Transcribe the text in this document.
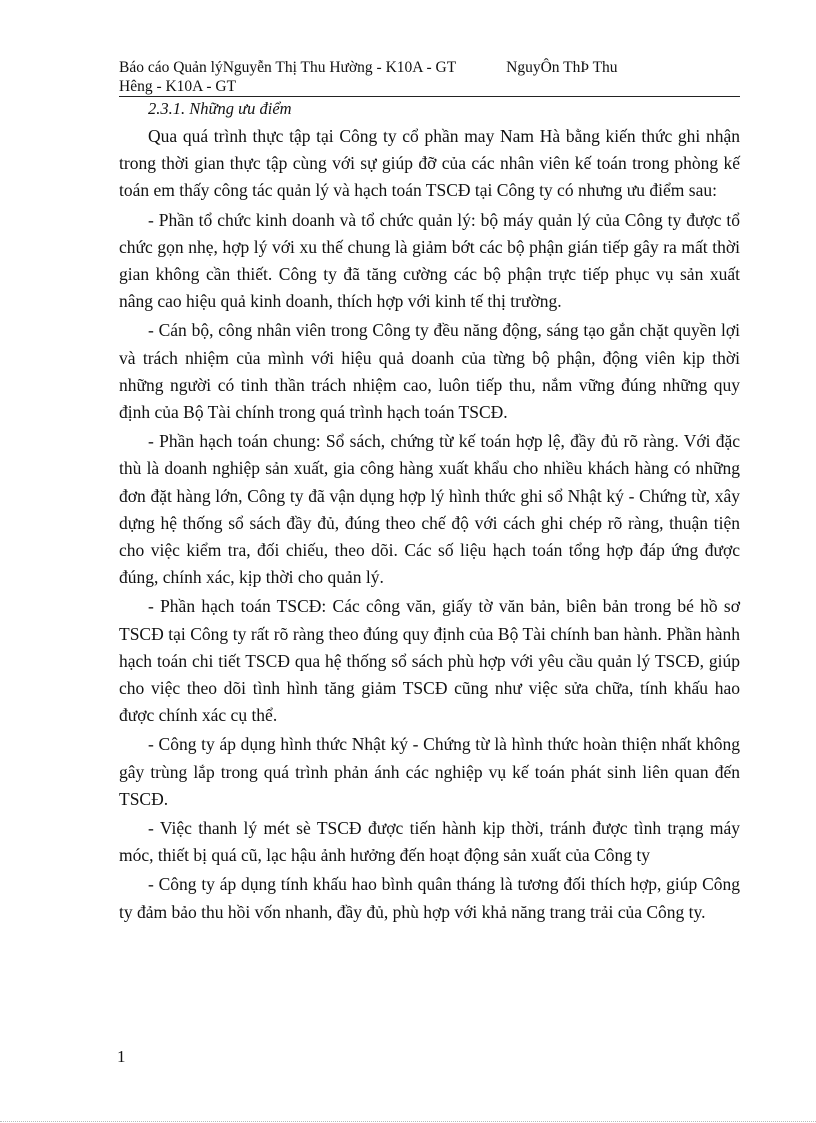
Báo cáo Quản lýNguyễn Thị Thu Hường - K10A - GT	NguyÔn ThÞ Thu
Hêng - K10A - GT
2.3.1. Những ưu điểm

Qua quá trình thực tập tại Công ty cổ phần may Nam Hà bằng kiến thức ghi nhận trong thời gian thực tập cùng với sự giúp đỡ của các nhân viên kế toán trong phòng kế toán em thấy công tác quản lý và hạch toán TSCĐ tại Công ty có nhưng ưu điểm sau:

- Phần tổ chức kinh doanh và tổ chức quản lý: bộ máy quản lý của Công ty được tổ chức gọn nhẹ, hợp lý với xu thế chung là giảm bớt các bộ phận gián tiếp gây ra mất thời gian không cần thiết. Công ty đã tăng cường các bộ phận trực tiếp phục vụ sản xuất nâng cao hiệu quả kinh doanh, thích hợp với kinh tế thị trường.

- Cán bộ, công nhân viên trong Công ty đều năng động, sáng tạo gắn chặt quyền lợi và trách nhiệm của mình với hiệu quả doanh của từng bộ phận, động viên kịp thời những người có tinh thần trách nhiệm cao, luôn tiếp thu, nắm vững đúng những quy định của Bộ Tài chính trong quá trình hạch toán TSCĐ.

- Phần hạch toán chung: Sổ sách, chứng từ kế toán hợp lệ, đầy đủ rõ ràng. Với đặc thù là doanh nghiệp sản xuất, gia công hàng xuất khẩu cho nhiều khách hàng có những đơn đặt hàng lớn, Công ty đã vận dụng hợp lý hình thức ghi sổ Nhật ký - Chứng từ, xây dựng hệ thống sổ sách đầy đủ, đúng theo chế độ với cách ghi chép rõ ràng, thuận tiện cho việc kiểm tra, đối chiếu, theo dõi. Các số liệu hạch toán tổng hợp đáp ứng được đúng, chính xác, kịp thời cho quản lý.

- Phần hạch toán TSCĐ: Các công văn, giấy tờ văn bản, biên bản trong bé hồ sơ TSCĐ tại Công ty rất rõ ràng theo đúng quy định của Bộ Tài chính ban hành. Phần hành hạch toán chi tiết TSCĐ qua hệ thống sổ sách phù hợp với yêu cầu quản lý TSCĐ, giúp cho việc theo dõi tình hình tăng giảm TSCĐ cũng như việc sửa chữa, tính khấu hao được chính xác cụ thể.

- Công ty áp dụng hình thức Nhật ký - Chứng từ là hình thức hoàn thiện nhất không gây trùng lắp trong quá trình phản ánh các nghiệp vụ kế toán phát sinh liên quan đến TSCĐ.

- Việc thanh lý mét sè TSCĐ được tiến hành kịp thời, tránh được tình trạng máy móc, thiết bị quá cũ, lạc hậu ảnh hưởng đến hoạt động sản xuất của Công ty

- Công ty áp dụng tính khấu hao bình quân tháng là tương đối thích hợp, giúp Công ty đảm bảo thu hồi vốn nhanh, đầy đủ, phù hợp với khả năng trang trải của Công ty.

1
